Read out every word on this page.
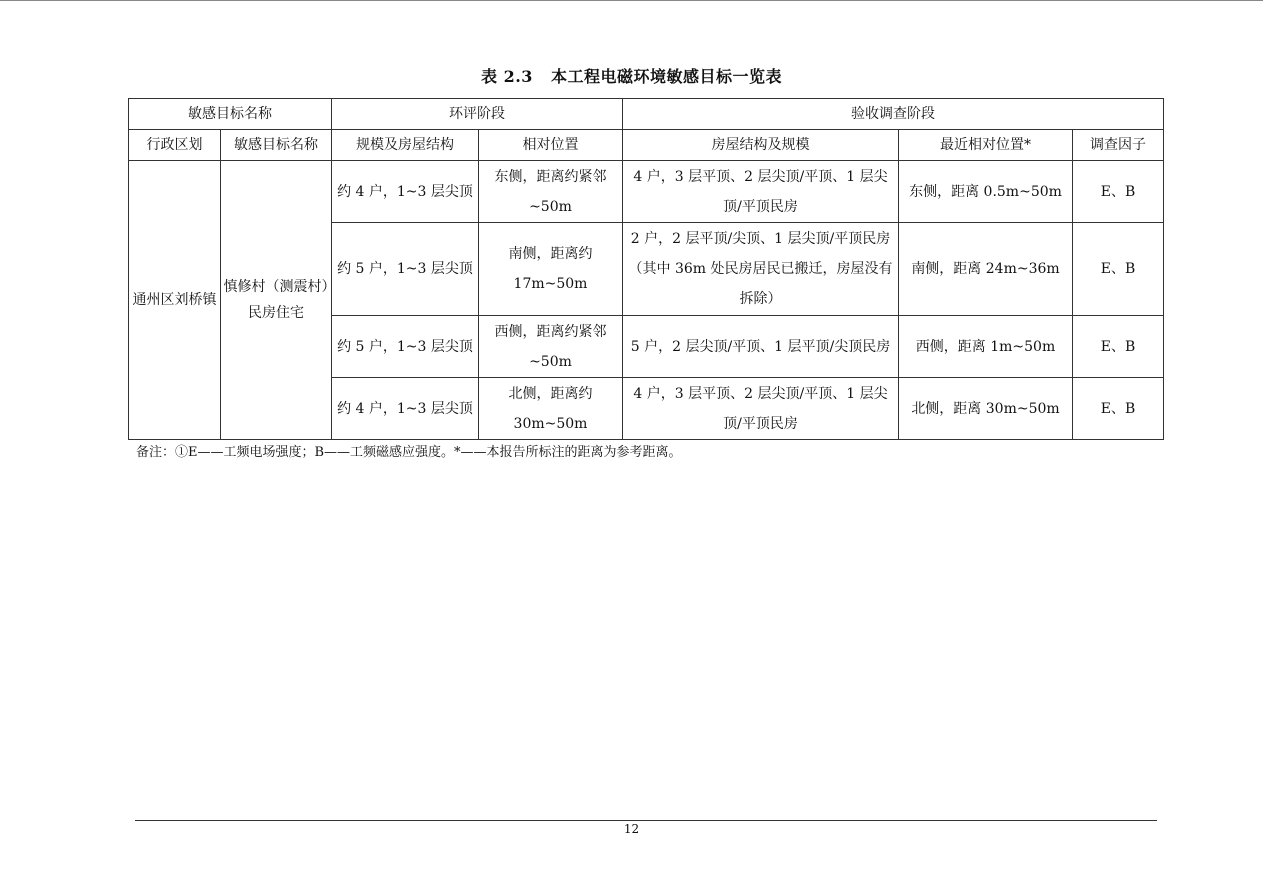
表 2.3 本工程电磁环境敏感目标一览表
敏感目标名称		环评阶段		验收调查阶段		
行政区划	敏感目标名称	规模及房屋结构	相对位置	房屋结构及规模	最近相对位置*	调查因子
通州区刘桥镇	慎修村（测震村）民房住宅	约 4 户，1~3 层尖顶	东侧，距离约紧邻~50m	4 户，3 层平顶、2 层尖顶/平顶、1 层尖顶/平顶民房	东侧，距离 0.5m~50m	E、B
		约 5 户，1~3 层尖顶	南侧，距离约17m~50m	2 户，2 层平顶/尖顶、1 层尖顶/平顶民房（其中 36m 处民房居民已搬迁，房屋没有拆除）	南侧，距离 24m~36m	E、B
		约 5 户，1~3 层尖顶	西侧，距离约紧邻~50m	5 户，2 层尖顶/平顶、1 层平顶/尖顶民房	西侧，距离 1m~50m	E、B
		约 4 户，1~3 层尖顶	北侧，距离约30m~50m	4 户，3 层平顶、2 层尖顶/平顶、1 层尖顶/平顶民房	北侧，距离 30m~50m	E、B
备注：①E——工频电场强度；B——工频磁感应强度。*——本报告所标注的距离为参考距离。
12
